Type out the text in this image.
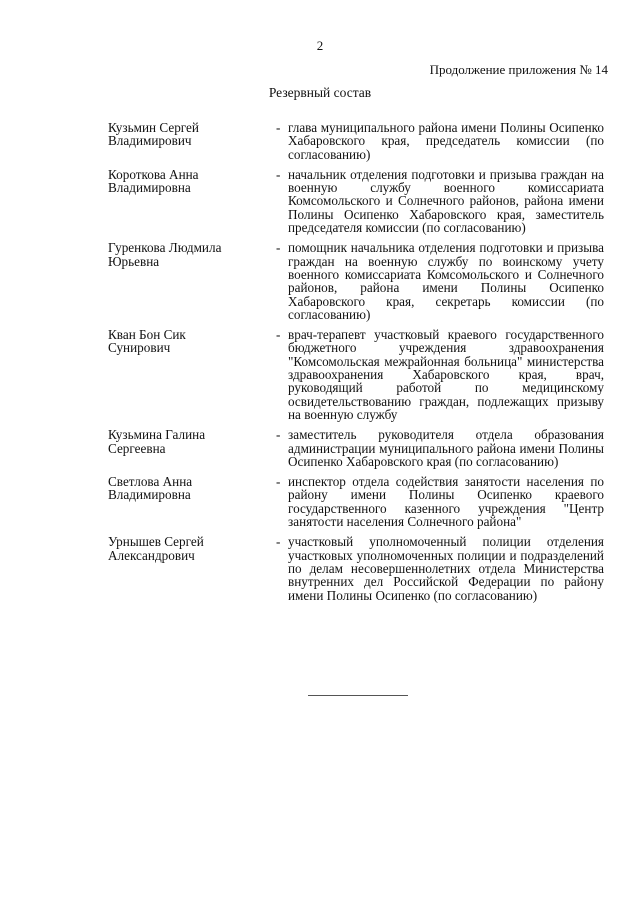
2
Продолжение приложения № 14
Резервный состав
Кузьмин Сергей
Владимирович
- глава муниципального района имени Полины Осипенко Хабаровского края, председатель комиссии (по согласованию)
Короткова Анна
Владимировна
- начальник отделения подготовки и призыва граждан на военную службу военного комиссариата Комсомольского и Солнечного районов, района имени Полины Осипенко Хабаровского края, заместитель председателя комиссии (по согласованию)
Гуренкова Людмила
Юрьевна
- помощник начальника отделения подготовки и призыва граждан на военную службу по воинскому учету военного комиссариата Комсомольского и Солнечного районов, района имени Полины Осипенко Хабаровского края, секретарь комиссии (по согласованию)
Кван Бон Сик
Сунирович
- врач-терапевт участковый краевого государственного бюджетного учреждения здравоохранения "Комсомольская межрайонная больница" министерства здравоохранения Хабаровского края, врач, руководящий работой по медицинскому освидетельствованию граждан, подлежащих призыву на военную службу
Кузьмина Галина
Сергеевна
- заместитель руководителя отдела образования администрации муниципального района имени Полины Осипенко Хабаровского края (по согласованию)
Светлова Анна
Владимировна
- инспектор отдела содействия занятости населения по району имени Полины Осипенко краевого государственного казенного учреждения "Центр занятости населения Солнечного района"
Урнышев Сергей
Александрович
- участковый уполномоченный полиции отделения участковых уполномоченных полиции и подразделений по делам несовершеннолетних отдела Министерства внутренних дел Российской Федерации по району имени Полины Осипенко (по согласованию)
